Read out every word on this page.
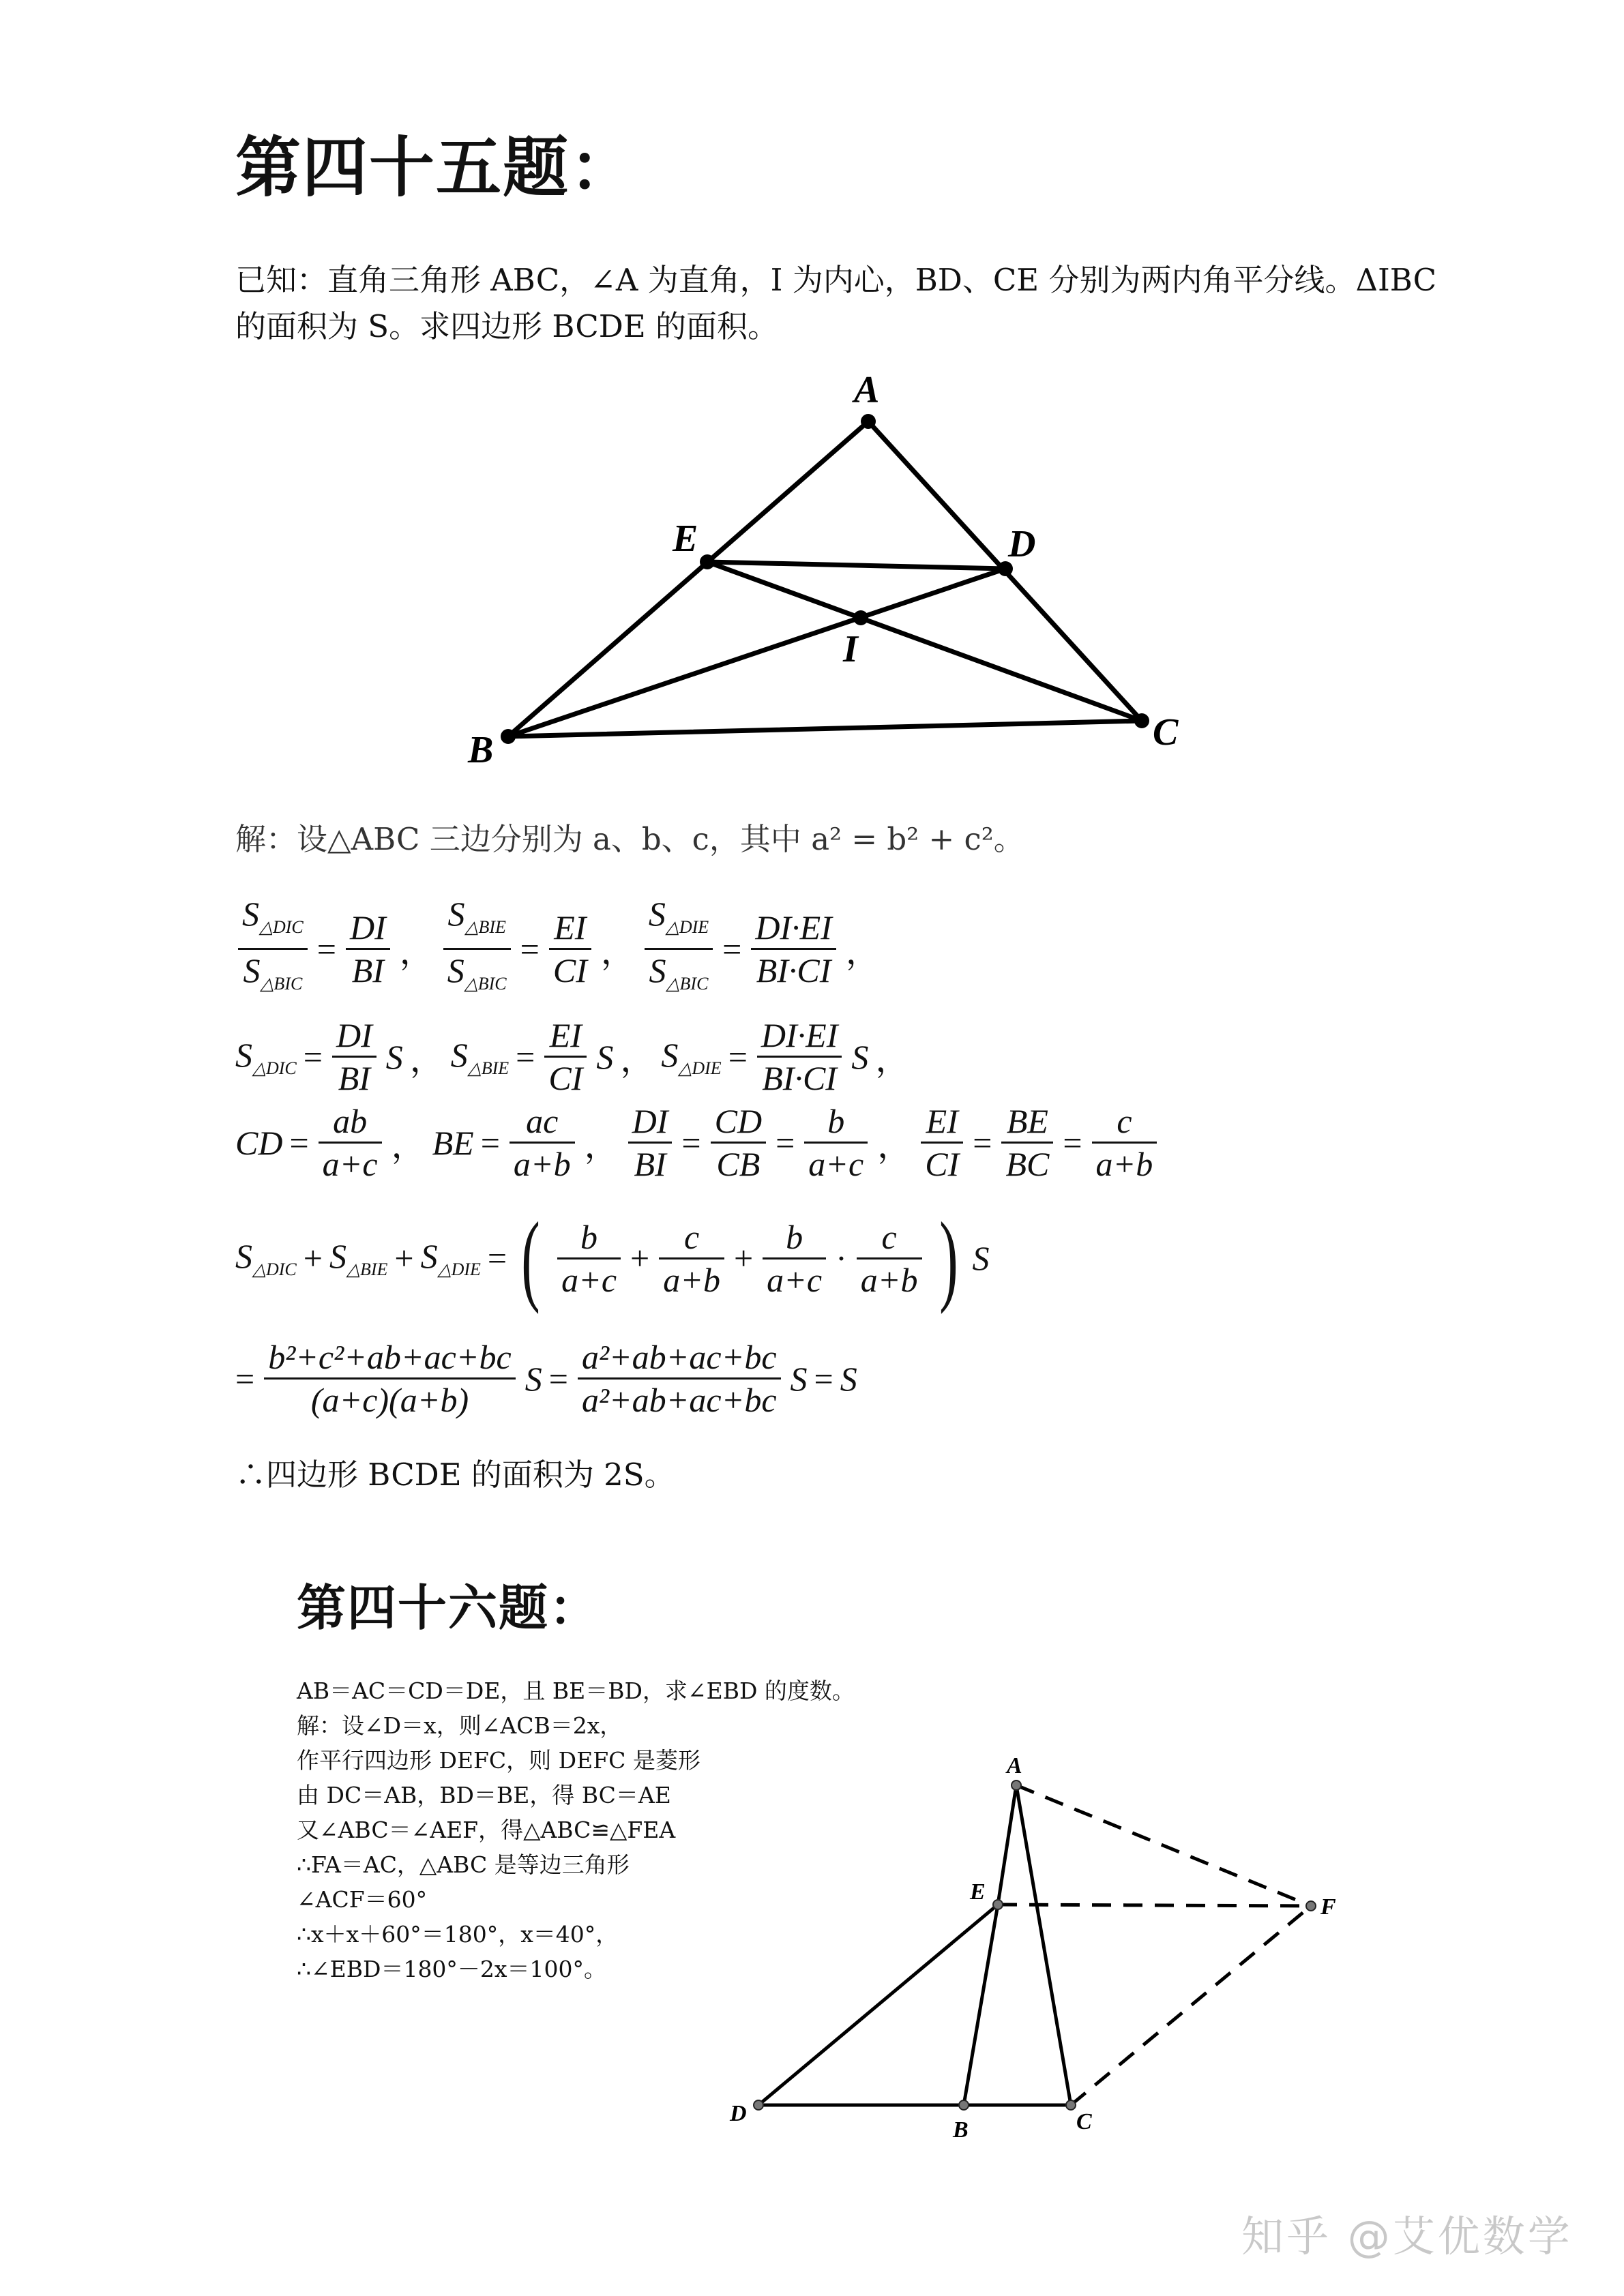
第四十五题：
已知：直角三角形 ABC，∠A 为直角，I 为内心，BD、CE 分别为两内角平分线。ΔIBC
的面积为 S。求四边形 BCDE 的面积。
A
B	C
D
E
I
A
E
F
D
B	C
解：设△ABC 三边分别为 a、b、c，其中 a² = b² + c²。
$\frac{S_{\triangle DIC}}{S_{\triangle BIC}} = \frac{DI}{BI}$ ， $\frac{S_{\triangle BIE}}{S_{\triangle BIC}} = \frac{EI}{CI}$ ， $\frac{S_{\triangle DIE}}{S_{\triangle BIC}} = \frac{DI\cdot EI}{BI\cdot CI}$ ，
$S_{\triangle DIC} = \frac{DI}{BI}$ S ， $S_{\triangle BIE} = \frac{EI}{CI}$ S ， $S_{\triangle DIE} = \frac{DI\cdot EI}{BI\cdot CI}$ S ，
CD = $\frac{ab}{a+c}$ ， BE = $\frac{ac}{a+b}$ ， $\frac{DI}{BI} = \frac{CD}{CB} = \frac{b}{a+c}$ ， $\frac{EI}{CI} = \frac{BE}{BC} = \frac{c}{a+b}$
$S_{\triangle DIC} + S_{\triangle BIE} + S_{\triangle DIE}$ = ( $\frac{b}{a+c} + \frac{c}{a+b} + \frac{b}{a+c} \cdot \frac{c}{a+b}$ ) S
= $\frac{\text{b²+c²+ab+ac+bc}}{(a+c)(a+b)}$ $S = \frac{\text{a²+ab+ac+bc}}{\text{a²+ab+ac+bc}}$ S = S
∴四边形 BCDE 的面积为 2S。
第四十六题：
AB＝AC＝CD＝DE，且 BE＝BD，求∠EBD 的度数。
解：设∠D＝x，则∠ACB＝2x，
作平行四边形 DEFC，则 DEFC 是菱形
由 DC＝AB，BD＝BE，得 BC＝AE
又∠ABC＝∠AEF，得△ABC≌△FEA
∴FA＝AC，△ABC 是等边三角形
∠ACF＝60°
∴x＋x＋60°＝180°，x＝40°，
∴∠EBD＝180°－2x＝100°。
知乎 @艾优数学
